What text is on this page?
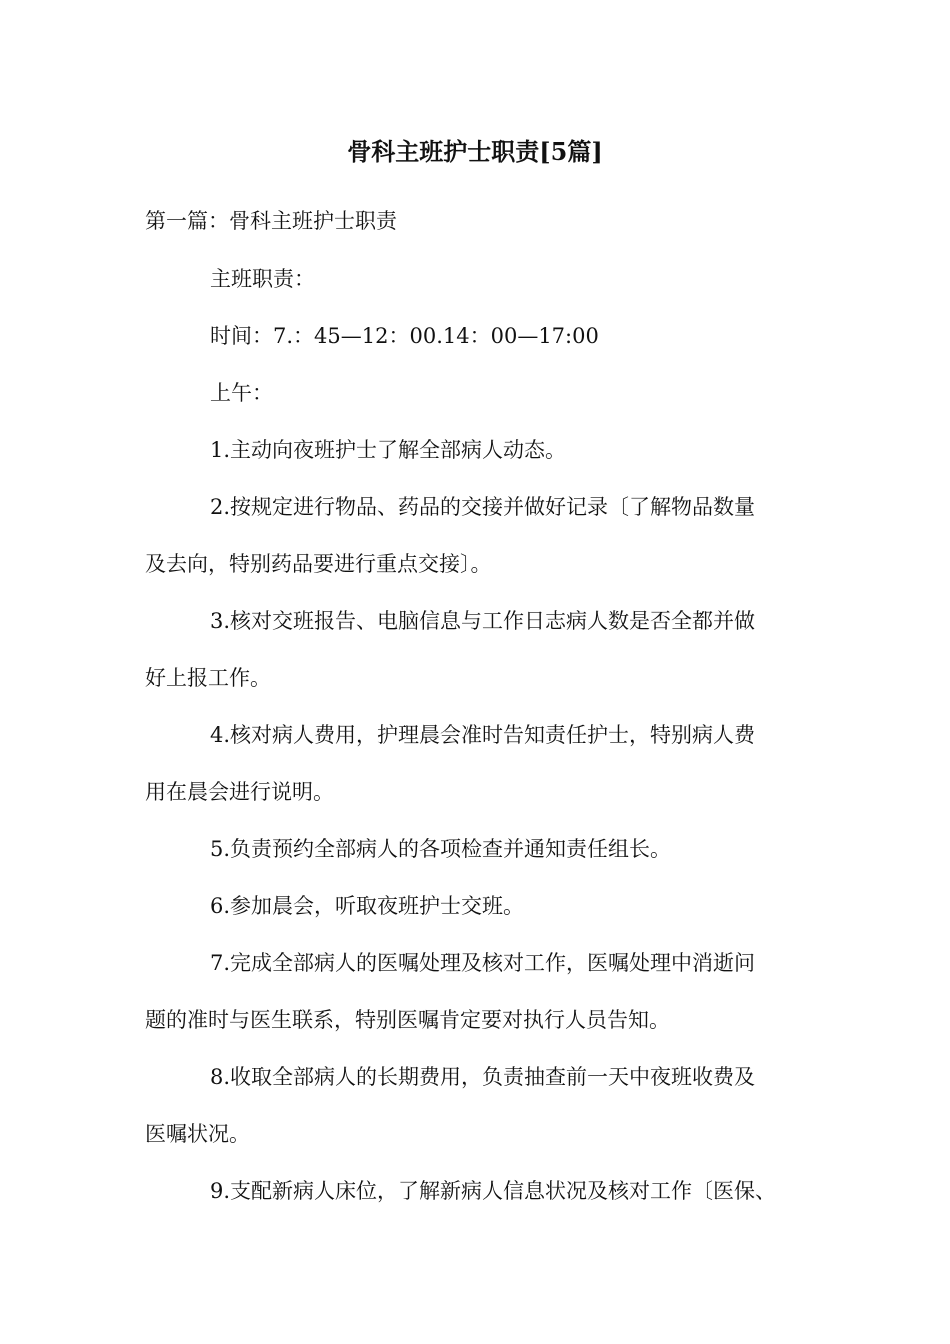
骨科主班护士职责[5篇]
第一篇：骨科主班护士职责
主班职责：
时间：7.：45—12：00.14：00—17:00
上午：
1.主动向夜班护士了解全部病人动态。
2.按规定进行物品、药品的交接并做好记录〔了解物品数量
及去向，特别药品要进行重点交接〕。
3.核对交班报告、电脑信息与工作日志病人数是否全都并做
好上报工作。
4.核对病人费用，护理晨会准时告知责任护士，特别病人费
用在晨会进行说明。
5.负责预约全部病人的各项检查并通知责任组长。
6.参加晨会，听取夜班护士交班。
7.完成全部病人的医嘱处理及核对工作，医嘱处理中消逝问
题的准时与医生联系，特别医嘱肯定要对执行人员告知。
8.收取全部病人的长期费用，负责抽查前一天中夜班收费及
医嘱状况。
9.支配新病人床位，了解新病人信息状况及核对工作〔医保、
